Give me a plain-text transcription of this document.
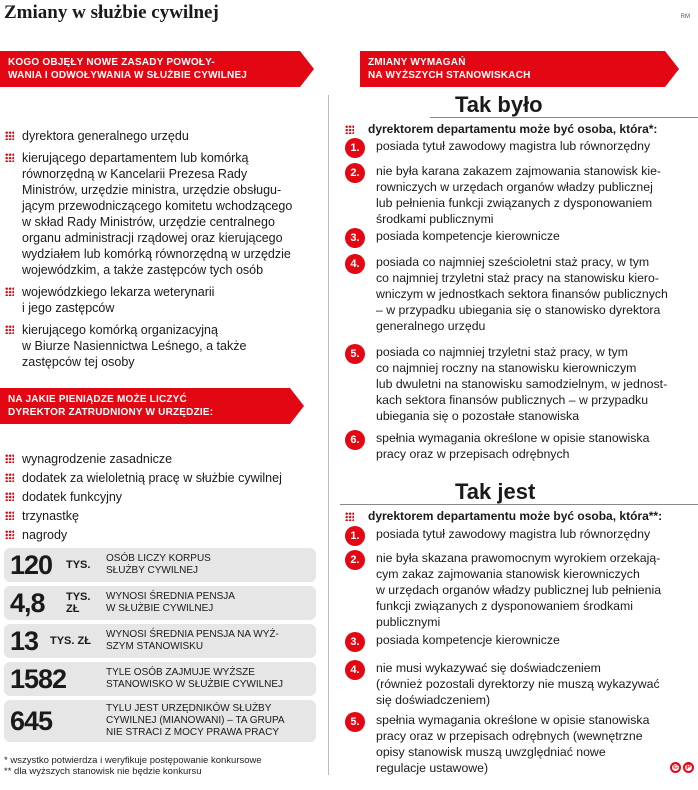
Zmiany w służbie cywilnej	RM
KOGO OBJĘŁY NOWE ZASADY POWOŁY-
WANIA I ODWOŁYWANIA W SŁUŻBIE CYWILNEJ
dyrektora generalnego urzędu
kierującego departamentem lub komórką
równorzędną w Kancelarii Prezesa Rady
Ministrów, urzędzie ministra, urzędzie obsługu-
jącym przewodniczącego komitetu wchodzącego
w skład Rady Ministrów, urzędzie centralnego
organu administracji rządowej oraz kierującego
wydziałem lub komórką równorzędną w urzędzie
wojewódzkim, a także zastępców tych osób
wojewódzkiego lekarza weterynarii
i jego zastępców
kierującego komórką organizacyjną
w Biurze Nasiennictwa Leśnego, a także
zastępców tej osoby
NA JAKIE PIENIĄDZE MOŻE LICZYĆ
DYREKTOR ZATRUDNIONY W URZĘDZIE:
wynagrodzenie zasadnicze
dodatek za wieloletnią pracę w służbie cywilnej
dodatek funkcyjny
trzynastkę
nagrody
120	TYS.
OSÓB LICZY KORPUS
SŁUŻBY CYWILNEJ
4,8	TYS. ZŁ
WYNOSI ŚREDNIA PENSJA
W SŁUŻBIE CYWILNEJ
13	TYS. ZŁ
WYNOSI ŚREDNIA PENSJA NA WYŻ-
SZYM STANOWISKU
1582	TYLE OSÓB ZAJMUJE WYŻSZE
STANOWISKO W SŁUŻBIE CYWILNEJ
645	TYLU JEST URZĘDNIKÓW SŁUŻBY
CYWILNEJ (MIANOWANI) – TA GRUPA
NIE STRACI Z MOCY PRAWA PRACY
* wszystko potwierdza i weryfikuje postępowanie konkursowe
** dla wyższych stanowisk nie będzie konkursu
ZMIANY WYMAGAŃ
NA WYŻSZYCH STANOWISKACH
Tak było
dyrektorem departamentu może być osoba, która*:
1.	posiada tytuł zawodowy magistra lub równorzędny
2.	nie była karana zakazem zajmowania stanowisk kie-
rowniczych w urzędach organów władzy publicznej
lub pełnienia funkcji związanych z dysponowaniem
środkami publicznymi
3.	posiada kompetencje kierownicze
4.	posiada co najmniej sześcioletni staż pracy, w tym
co najmniej trzyletni staż pracy na stanowisku kiero-
wniczym w jednostkach sektora finansów publicznych
– w przypadku ubiegania się o stanowisko dyrektora
generalnego urzędu
5.	posiada co najmniej trzyletni staż pracy, w tym
co najmniej roczny na stanowisku kierowniczym
lub dwuletni na stanowisku samodzielnym, w jednost-
kach sektora finansów publicznych – w przypadku
ubiegania się o pozostałe stanowiska
6.	spełnia wymagania określone w opisie stanowiska
pracy oraz w przepisach odrębnych
Tak jest
dyrektorem departamentu może być osoba, która**:
1.	posiada tytuł zawodowy magistra lub równorzędny
2.	nie była skazana prawomocnym wyrokiem orzekają-
cym zakaz zajmowania stanowisk kierowniczych
w urzędach organów władzy publicznej lub pełnienia
funkcji związanych z dysponowaniem środkami
publicznymi
3.	posiada kompetencje kierownicze
4.	nie musi wykazywać się doświadczeniem
(również pozostali dyrektorzy nie muszą wykazywać
się doświadczeniem)
5.	spełnia wymagania określone w opisie stanowiska
pracy oraz w przepisach odrębnych (wewnętrzne
opisy stanowisk muszą uwzględniać nowe
regulacje ustawowe)	©	P
